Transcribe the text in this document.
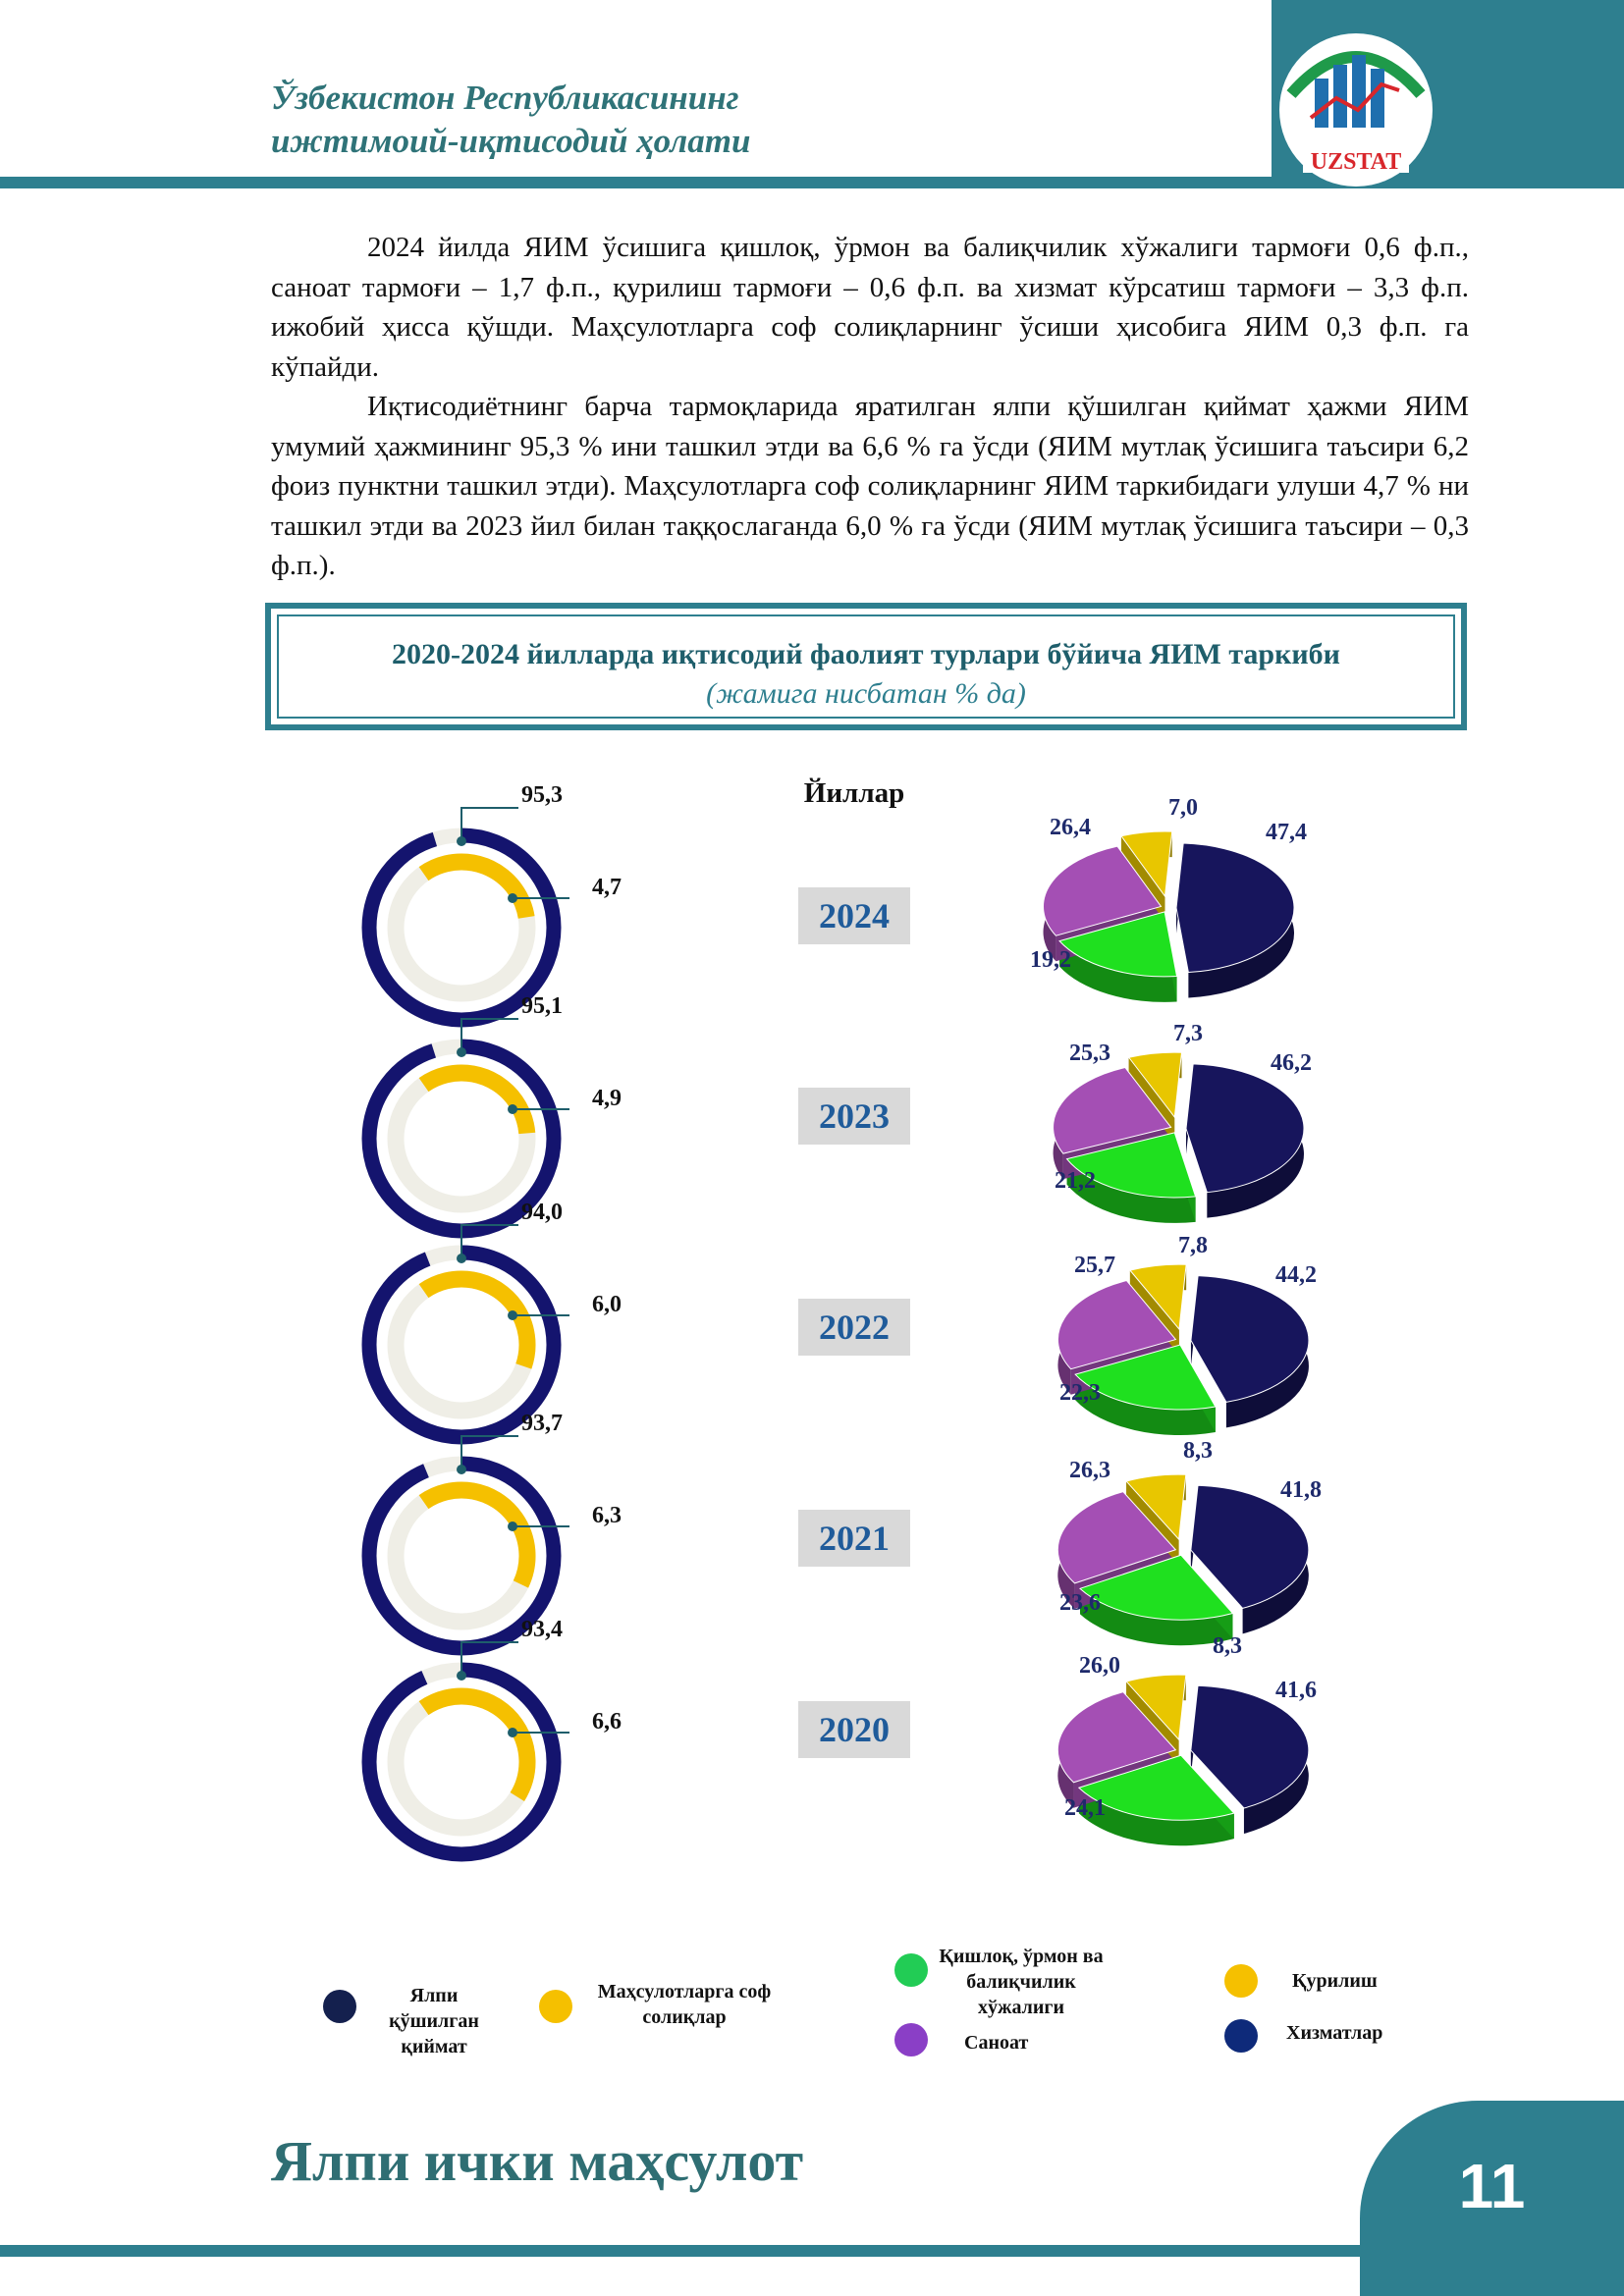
Ўзбекистон Республикасининг
ижтимоий-иқтисодий ҳолати
UZSTAT

2024 йилда ЯИМ ўсишига қишлоқ, ўрмон ва балиқчилик хўжалиги тармоғи 0,6 ф.п., саноат тармоғи – 1,7 ф.п., қурилиш тармоғи – 0,6 ф.п. ва хизмат кўрсатиш тармоғи – 3,3 ф.п. ижобий ҳисса қўшди. Маҳсулотларга соф солиқларнинг ўсиши ҳисобига ЯИМ 0,3 ф.п. га кўпайди.

Иқтисодиётнинг барча тармоқларида яратилган ялпи қўшилган қиймат ҳажми ЯИМ умумий ҳажмининг 95,3 % ини ташкил этди ва 6,6 % га ўсди (ЯИМ мутлақ ўсишига таъсири 6,2 фоиз пунктни ташкил этди). Маҳсулотларга соф солиқларнинг ЯИМ таркибидаги улуши 4,7 % ни ташкил этди ва 2023 йил билан таққослаганда 6,0 % га ўсди (ЯИМ мутлақ ўсишига таъсири – 0,3 ф.п.).

2020-2024 йилларда иқтисодий фаолият турлари бўйича ЯИМ таркиби
(жамига нисбатан % да)
Йиллар
2024
2023
2022
2021
2020
95,3
4,7
95,1
4,9
94,0
6,0
93,7
6,3
93,4
6,6
47,4
19,2
26,4
7,0
46,2
21,2
25,3
7,3
44,2
22,3
25,7
7,8
41,8
23,6
26,3
8,3
41,6
24,1
26,0
8,3
Ялпи қўшилган қиймат
Маҳсулотларга соф солиқлар
Қишлоқ, ўрмон ва балиқчилик хўжалиги
Саноат
Қурилиш
Хизматлар
Ялпи ички маҳсулот	11
